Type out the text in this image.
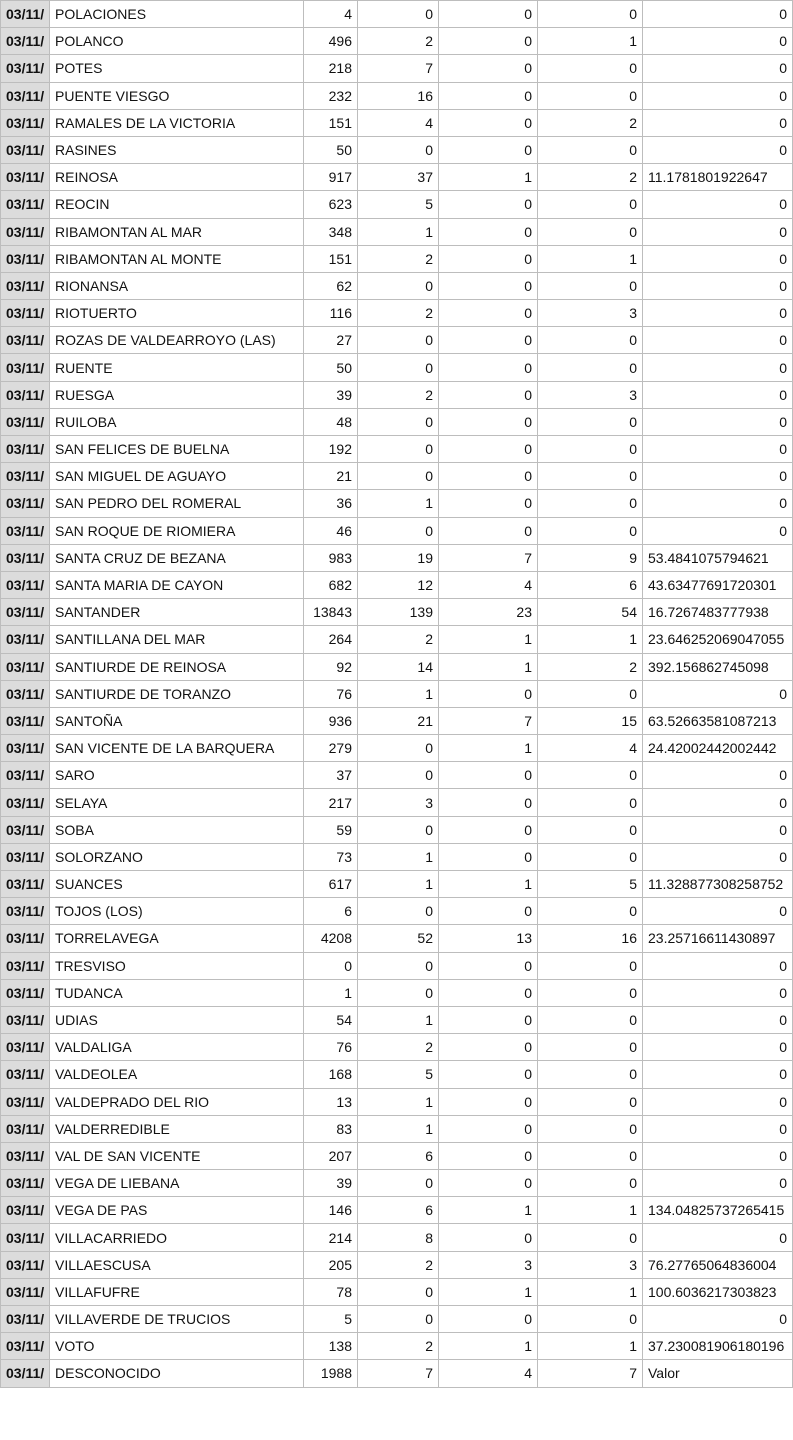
03/11/	POLACIONES	4	0	0	0	0
03/11/	POLANCO	496	2	0	1	0
03/11/	POTES	218	7	0	0	0
03/11/	PUENTE VIESGO	232	16	0	0	0
03/11/	RAMALES DE LA VICTORIA	151	4	0	2	0
03/11/	RASINES	50	0	0	0	0
03/11/	REINOSA	917	37	1	2	11.1781801922647
03/11/	REOCIN	623	5	0	0	0
03/11/	RIBAMONTAN AL MAR	348	1	0	0	0
03/11/	RIBAMONTAN AL MONTE	151	2	0	1	0
03/11/	RIONANSA	62	0	0	0	0
03/11/	RIOTUERTO	116	2	0	3	0
03/11/	ROZAS DE VALDEARROYO (LAS)	27	0	0	0	0
03/11/	RUENTE	50	0	0	0	0
03/11/	RUESGA	39	2	0	3	0
03/11/	RUILOBA	48	0	0	0	0
03/11/	SAN FELICES DE BUELNA	192	0	0	0	0
03/11/	SAN MIGUEL DE AGUAYO	21	0	0	0	0
03/11/	SAN PEDRO DEL ROMERAL	36	1	0	0	0
03/11/	SAN ROQUE DE RIOMIERA	46	0	0	0	0
03/11/	SANTA CRUZ DE BEZANA	983	19	7	9	53.4841075794621
03/11/	SANTA MARIA DE CAYON	682	12	4	6	43.63477691720301
03/11/	SANTANDER	13843	139	23	54	16.7267483777938
03/11/	SANTILLANA DEL MAR	264	2	1	1	23.646252069047055
03/11/	SANTIURDE DE REINOSA	92	14	1	2	392.156862745098
03/11/	SANTIURDE DE TORANZO	76	1	0	0	0
03/11/	SANTOÑA	936	21	7	15	63.52663581087213
03/11/	SAN VICENTE DE LA BARQUERA	279	0	1	4	24.42002442002442
03/11/	SARO	37	0	0	0	0
03/11/	SELAYA	217	3	0	0	0
03/11/	SOBA	59	0	0	0	0
03/11/	SOLORZANO	73	1	0	0	0
03/11/	SUANCES	617	1	1	5	11.328877308258752
03/11/	TOJOS (LOS)	6	0	0	0	0
03/11/	TORRELAVEGA	4208	52	13	16	23.25716611430897
03/11/	TRESVISO	0	0	0	0	0
03/11/	TUDANCA	1	0	0	0	0
03/11/	UDIAS	54	1	0	0	0
03/11/	VALDALIGA	76	2	0	0	0
03/11/	VALDEOLEA	168	5	0	0	0
03/11/	VALDEPRADO DEL RIO	13	1	0	0	0
03/11/	VALDERREDIBLE	83	1	0	0	0
03/11/	VAL DE SAN VICENTE	207	6	0	0	0
03/11/	VEGA DE LIEBANA	39	0	0	0	0
03/11/	VEGA DE PAS	146	6	1	1	134.04825737265415
03/11/	VILLACARRIEDO	214	8	0	0	0
03/11/	VILLAESCUSA	205	2	3	3	76.27765064836004
03/11/	VILLAFUFRE	78	0	1	1	100.6036217303823
03/11/	VILLAVERDE DE TRUCIOS	5	0	0	0	0
03/11/	VOTO	138	2	1	1	37.230081906180196
03/11/	DESCONOCIDO	1988	7	4	7	Valor
